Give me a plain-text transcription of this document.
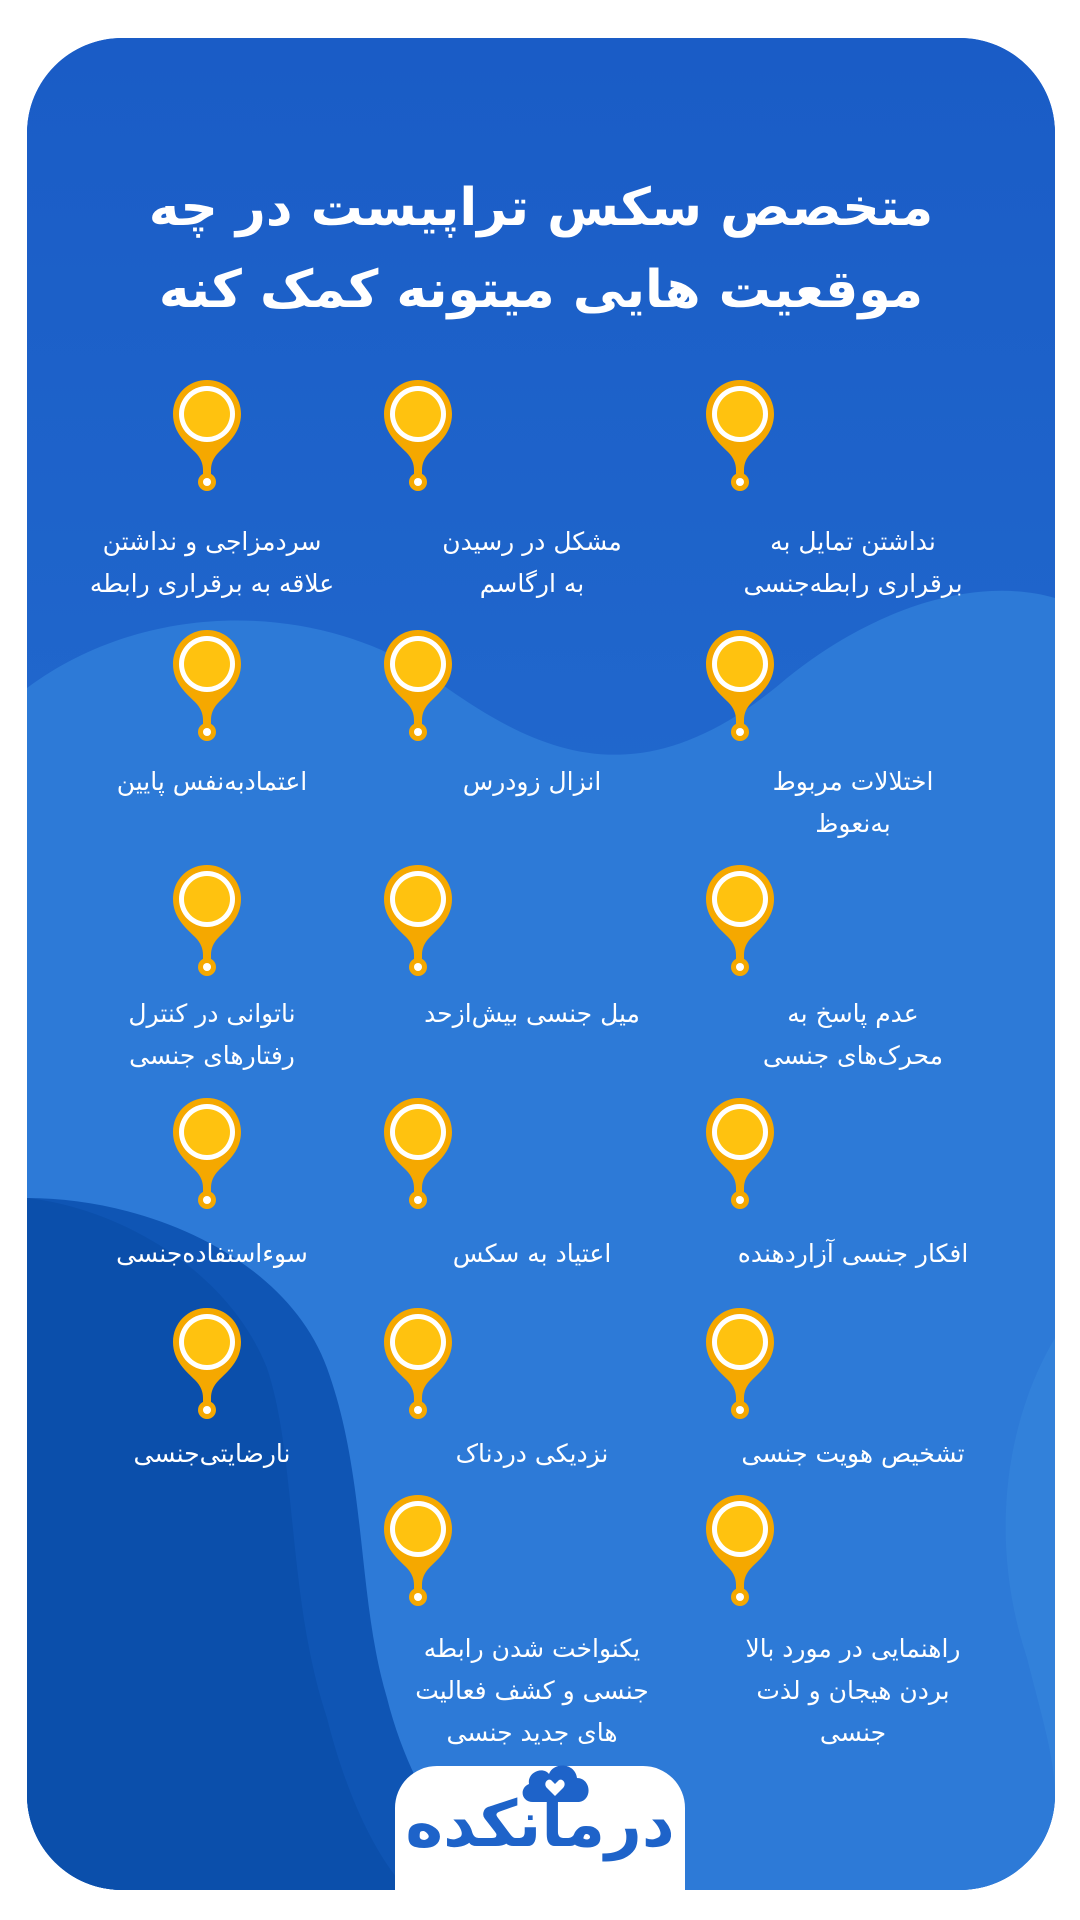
متخصص سکس تراپیست در چه
موقعیت هایی میتونه کمک کنه
نداشتن تمایل به
برقراری رابطه‌جنسی
مشکل در رسیدن
به ارگاسم
سردمزاجی و نداشتن
علاقه به برقراری رابطه
اختلالات مربوط
به‌نعوظ
انزال زودرس
اعتمادبه‌نفس پایین
عدم پاسخ به
محرک‌های جنسی
میل جنسی بیش‌ازحد
ناتوانی در کنترل
رفتارهای جنسی
افکار جنسی آزاردهنده
اعتیاد به سکس
سوءاستفاده‌جنسی
تشخیص هویت جنسی
نزدیکی دردناک
نارضایتی‌جنسی
راهنمایی در مورد بالا
بردن هیجان و لذت
جنسی
یکنواخت شدن رابطه
جنسی و کشف فعالیت
های جدید جنسی
درمانکده
